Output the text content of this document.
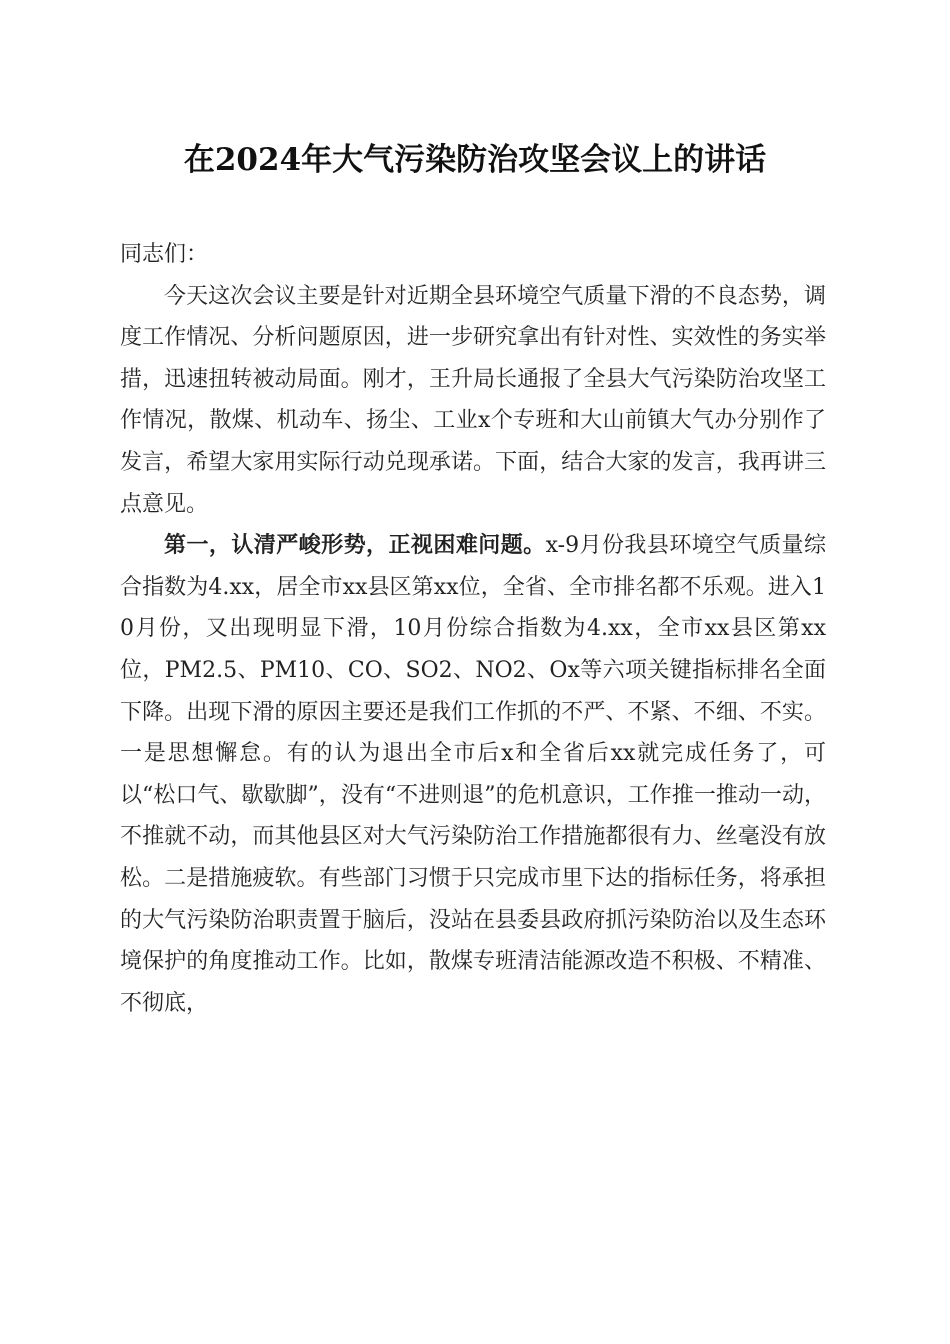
在2024年大气污染防治攻坚会议上的讲话

同志们：

今天这次会议主要是针对近期全县环境空气质量下滑的不良态势，调度工作情况、分析问题原因，进一步研究拿出有针对性、实效性的务实举措，迅速扭转被动局面。刚才，王升局长通报了全县大气污染防治攻坚工作情况，散煤、机动车、扬尘、工业x个专班和大山前镇大气办分别作了发言，希望大家用实际行动兑现承诺。下面，结合大家的发言，我再讲三点意见。

第一，认清严峻形势，正视困难问题。x-9月份我县环境空气质量综合指数为4.xx，居全市xx县区第xx位，全省、全市排名都不乐观。进入10月份，又出现明显下滑，10月份综合指数为4.xx，全市xx县区第xx位，PM2.5、PM10、CO、SO2、NO2、Ox等六项关键指标排名全面下降。出现下滑的原因主要还是我们工作抓的不严、不紧、不细、不实。一是思想懈怠。有的认为退出全市后x和全省后xx就完成任务了，可以“松口气、歇歇脚”，没有“不进则退”的危机意识，工作推一推动一动，不推就不动，而其他县区对大气污染防治工作措施都很有力、丝毫没有放松。二是措施疲软。有些部门习惯于只完成市里下达的指标任务，将承担的大气污染防治职责置于脑后，没站在县委县政府抓污染防治以及生态环境保护的角度推动工作。比如，散煤专班清洁能源改造不积极、不精准、不彻底，
